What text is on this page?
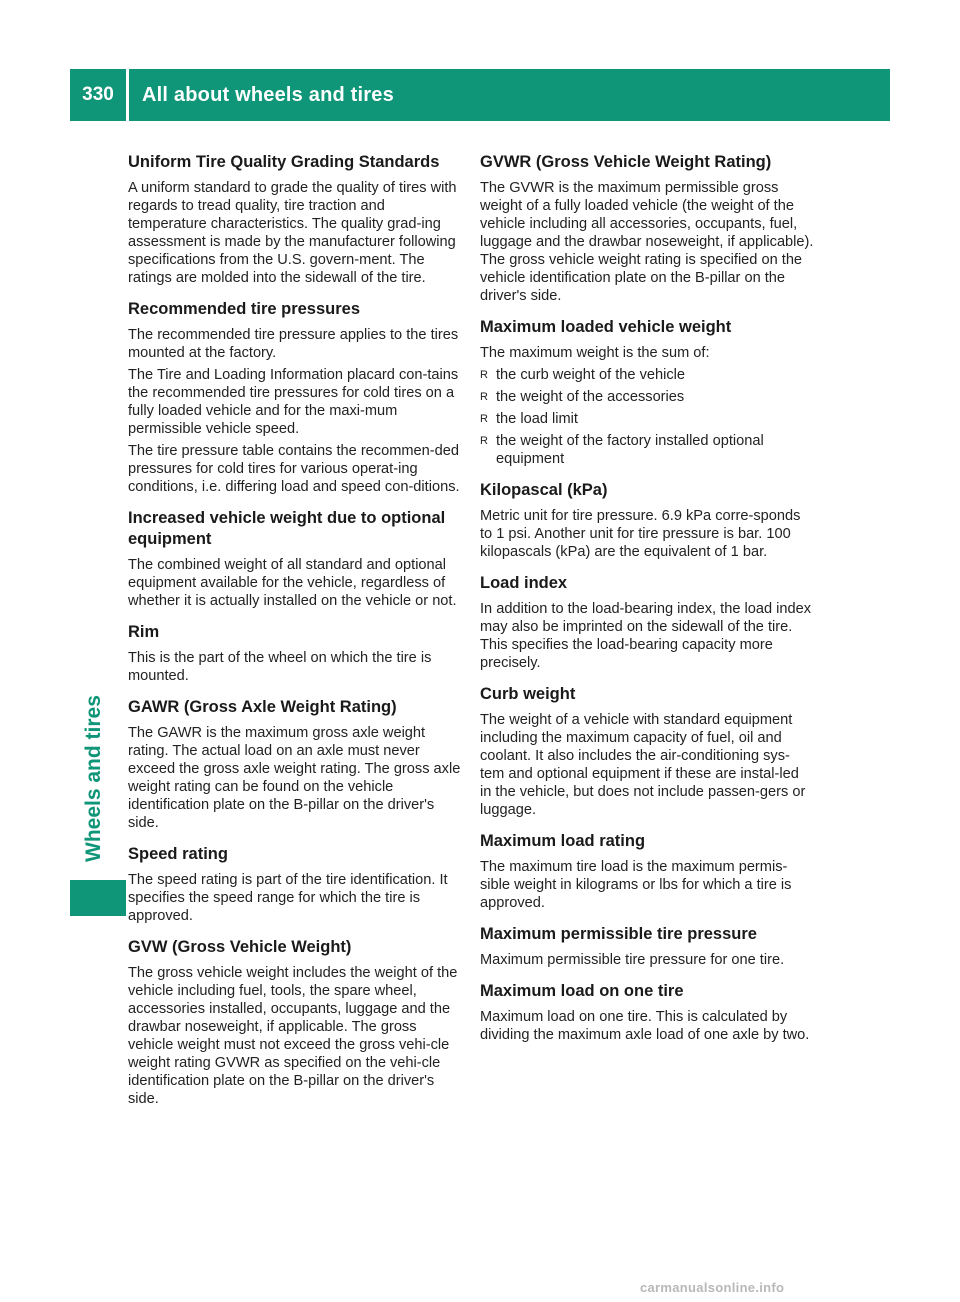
330	All about wheels and tires
Wheels and tires
Uniform Tire Quality Grading Standards

A uniform standard to grade the quality of tires with regards to tread quality, tire traction and temperature characteristics. The quality grad-ing assessment is made by the manufacturer following specifications from the U.S. govern-ment. The ratings are molded into the sidewall of the tire.

Recommended tire pressures

The recommended tire pressure applies to the tires mounted at the factory.

The Tire and Loading Information placard con-tains the recommended tire pressures for cold tires on a fully loaded vehicle and for the maxi-mum permissible vehicle speed.

The tire pressure table contains the recommen-ded pressures for cold tires for various operat-ing conditions, i.e. differing load and speed con-ditions.

Increased vehicle weight due to optional equipment

The combined weight of all standard and optional equipment available for the vehicle, regardless of whether it is actually installed on the vehicle or not.

Rim

This is the part of the wheel on which the tire is mounted.

GAWR (Gross Axle Weight Rating)

The GAWR is the maximum gross axle weight rating. The actual load on an axle must never exceed the gross axle weight rating. The gross axle weight rating can be found on the vehicle identification plate on the B-pillar on the driver's side.

Speed rating

The speed rating is part of the tire identification. It specifies the speed range for which the tire is approved.

GVW (Gross Vehicle Weight)

The gross vehicle weight includes the weight of the vehicle including fuel, tools, the spare wheel, accessories installed, occupants, luggage and the drawbar noseweight, if applicable. The gross vehicle weight must not exceed the gross vehi-cle weight rating GVWR as specified on the vehi-cle identification plate on the B-pillar on the driver's side.

GVWR (Gross Vehicle Weight Rating)

The GVWR is the maximum permissible gross weight of a fully loaded vehicle (the weight of the vehicle including all accessories, occupants, fuel, luggage and the drawbar noseweight, if applicable). The gross vehicle weight rating is specified on the vehicle identification plate on the B-pillar on the driver's side.

Maximum loaded vehicle weight

The maximum weight is the sum of:

R the curb weight of the vehicle
R the weight of the accessories
R the load limit
R the weight of the factory installed optional equipment
Kilopascal (kPa)

Metric unit for tire pressure. 6.9 kPa corre-sponds to 1 psi. Another unit for tire pressure is bar. 100 kilopascals (kPa) are the equivalent of 1 bar.

Load index

In addition to the load-bearing index, the load index may also be imprinted on the sidewall of the tire. This specifies the load-bearing capacity more precisely.

Curb weight

The weight of a vehicle with standard equipment including the maximum capacity of fuel, oil and coolant. It also includes the air-conditioning sys-tem and optional equipment if these are instal-led in the vehicle, but does not include passen-gers or luggage.

Maximum load rating

The maximum tire load is the maximum permis-sible weight in kilograms or lbs for which a tire is approved.

Maximum permissible tire pressure

Maximum permissible tire pressure for one tire.

Maximum load on one tire

Maximum load on one tire. This is calculated by dividing the maximum axle load of one axle by two.

carmanualsonline.info
